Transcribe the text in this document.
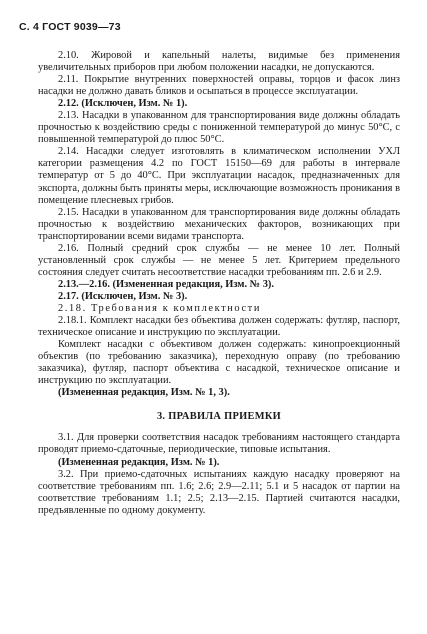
С. 4 ГОСТ 9039—73

2.10. Жировой и капельный налеты, видимые без применения увеличительных приборов при любом положении насадки, не допускаются.

2.11. Покрытие внутренних поверхностей оправы, торцов и фасок линз насадки не должно давать бликов и осыпаться в процессе эксплуатации.

2.12. (Исключен, Изм. № 1).

2.13. Насадки в упакованном для транспортирования виде должны обладать прочностью к воздействию среды с пониженной температурой до минус 50°С, с повышенной температурой до плюс 50°С.

2.14. Насадки следует изготовлять в климатическом исполнении УХЛ категории размещения 4.2 по ГОСТ 15150—69 для работы в интервале температур от 5 до 40°С. При эксплуатации насадок, предназначенных для экспорта, должны быть приняты меры, исключающие возможность проникания в помещение плесневых грибов.

2.15. Насадки в упакованном для транспортирования виде должны обладать прочностью к воздействию механических факторов, возникающих при транспортировании всеми видами транспорта.

2.16. Полный средний срок службы — не менее 10 лет. Полный установленный срок службы — не менее 5 лет. Критерием предельного состояния следует считать несоответствие насадки требованиям пп. 2.6 и 2.9.

2.13.—2.16. (Измененная редакция, Изм. № 3).

2.17. (Исключен, Изм. № 3).

2.18. Требования к комплектности

2.18.1. Комплект насадки без объектива должен содержать: футляр, паспорт, техническое описание и инструкцию по эксплуатации.

Комплект насадки с объективом должен содержать: кинопроекционный объектив (по требованию заказчика), переходную оправу (по требованию заказчика), футляр, паспорт объектива с насадкой, техническое описание и инструкцию по эксплуатации.

(Измененная редакция, Изм. № 1, 3).

3. ПРАВИЛА ПРИЕМКИ

3.1. Для проверки соответствия насадок требованиям настоящего стандарта проводят приемо-сдаточные, периодические, типовые испытания.

(Измененная редакция, Изм. № 1).

3.2. При приемо-сдаточных испытаниях каждую насадку проверяют на соответствие требованиям пп. 1.6; 2.6; 2.9—2.11; 5.1 и 5 насадок от партии на соответствие требованиям 1.1; 2.5; 2.13—2.15. Партией считаются насадки, предъявленные по одному документу.
